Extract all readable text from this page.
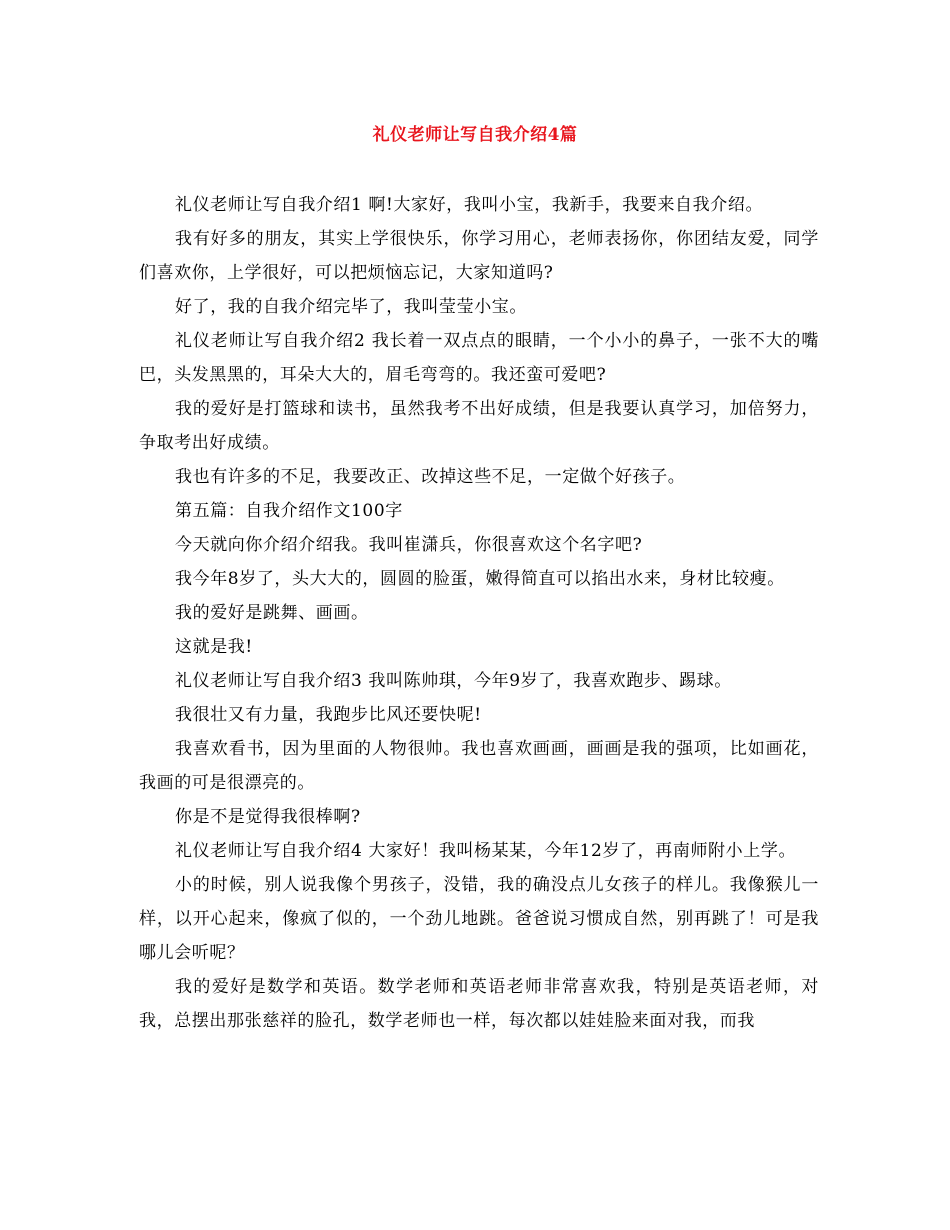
礼仪老师让写自我介绍4篇

礼仪老师让写自我介绍1 啊!大家好，我叫小宝，我新手，我要来自我介绍。

我有好多的朋友，其实上学很快乐，你学习用心，老师表扬你，你团结友爱，同学们喜欢你，上学很好，可以把烦恼忘记，大家知道吗?

好了，我的自我介绍完毕了，我叫莹莹小宝。

礼仪老师让写自我介绍2 我长着一双点点的眼睛，一个小小的鼻子，一张不大的嘴巴，头发黑黑的，耳朵大大的，眉毛弯弯的。我还蛮可爱吧?

我的爱好是打篮球和读书，虽然我考不出好成绩，但是我要认真学习，加倍努力，争取考出好成绩。

我也有许多的不足，我要改正、改掉这些不足，一定做个好孩子。

第五篇：自我介绍作文100字

今天就向你介绍介绍我。我叫崔潇兵，你很喜欢这个名字吧?

我今年8岁了，头大大的，圆圆的脸蛋，嫩得简直可以掐出水来，身材比较瘦。

我的爱好是跳舞、画画。

这就是我!

礼仪老师让写自我介绍3 我叫陈帅琪，今年9岁了，我喜欢跑步、踢球。

我很壮又有力量，我跑步比风还要快呢!

我喜欢看书，因为里面的人物很帅。我也喜欢画画，画画是我的强项，比如画花，我画的可是很漂亮的。

你是不是觉得我很棒啊?

礼仪老师让写自我介绍4 大家好！我叫杨某某，今年12岁了，再南师附小上学。

小的时候，别人说我像个男孩子，没错，我的确没点儿女孩子的样儿。我像猴儿一样，以开心起来，像疯了似的，一个劲儿地跳。爸爸说习惯成自然，别再跳了！可是我哪儿会听呢？

我的爱好是数学和英语。数学老师和英语老师非常喜欢我，特别是英语老师，对我，总摆出那张慈祥的脸孔，数学老师也一样，每次都以娃娃脸来面对我，而我
